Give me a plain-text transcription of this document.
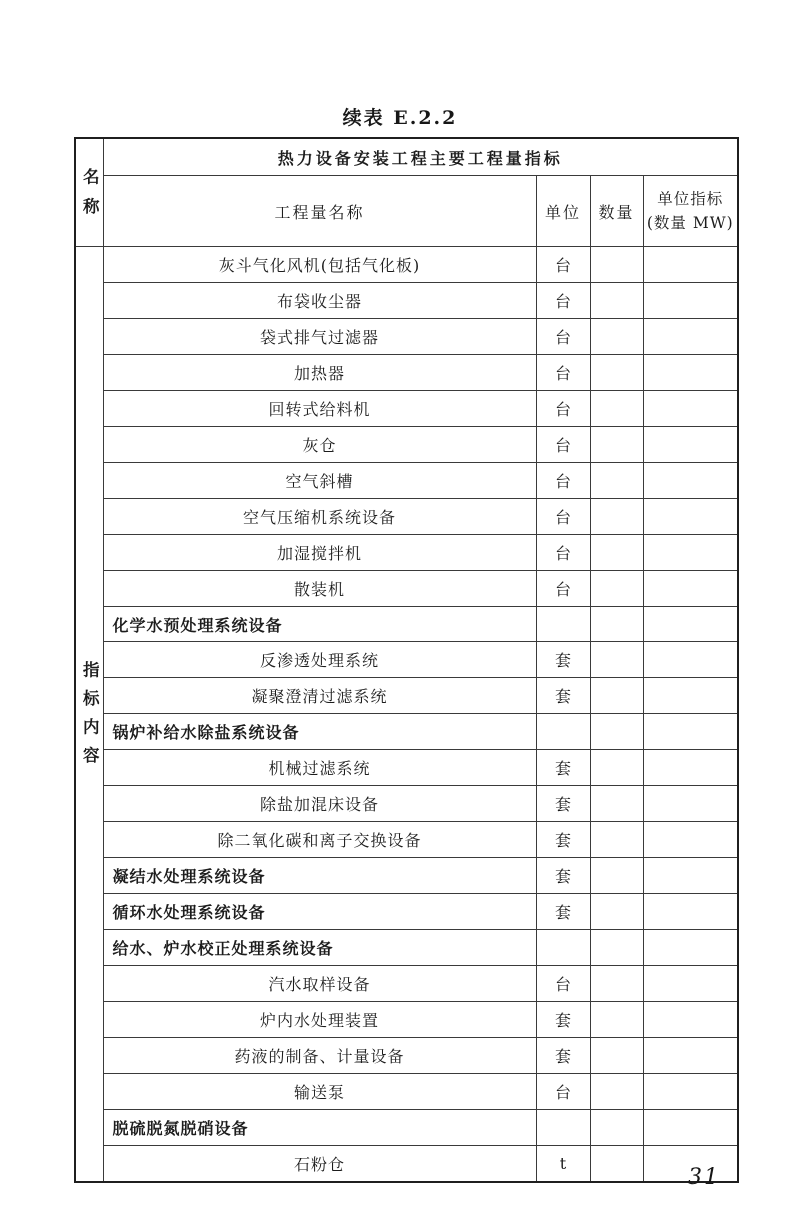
续表 E.2.2
名称	热力设备安装工程主要工程量指标			
	工程量名称	单位	数量	单位指标
(数量 MW)

指标内容	灰斗气化风机(包括气化板)	台		
	布袋收尘器	台		
	袋式排气过滤器	台		
	加热器	台		
	回转式给料机	台		
	灰仓	台		
	空气斜槽	台		
	空气压缩机系统设备	台		
	加湿搅拌机	台		
	散装机	台		
	化学水预处理系统设备			
	反渗透处理系统	套		
	凝聚澄清过滤系统	套		
	锅炉补给水除盐系统设备			
	机械过滤系统	套		
	除盐加混床设备	套		
	除二氧化碳和离子交换设备	套		
	凝结水处理系统设备	套		
	循环水处理系统设备	套		
	给水、炉水校正处理系统设备			
	汽水取样设备	台		
	炉内水处理装置	套		
	药液的制备、计量设备	套		
	输送泵	台		
	脱硫脱氮脱硝设备			
	石粉仓	t		
31
